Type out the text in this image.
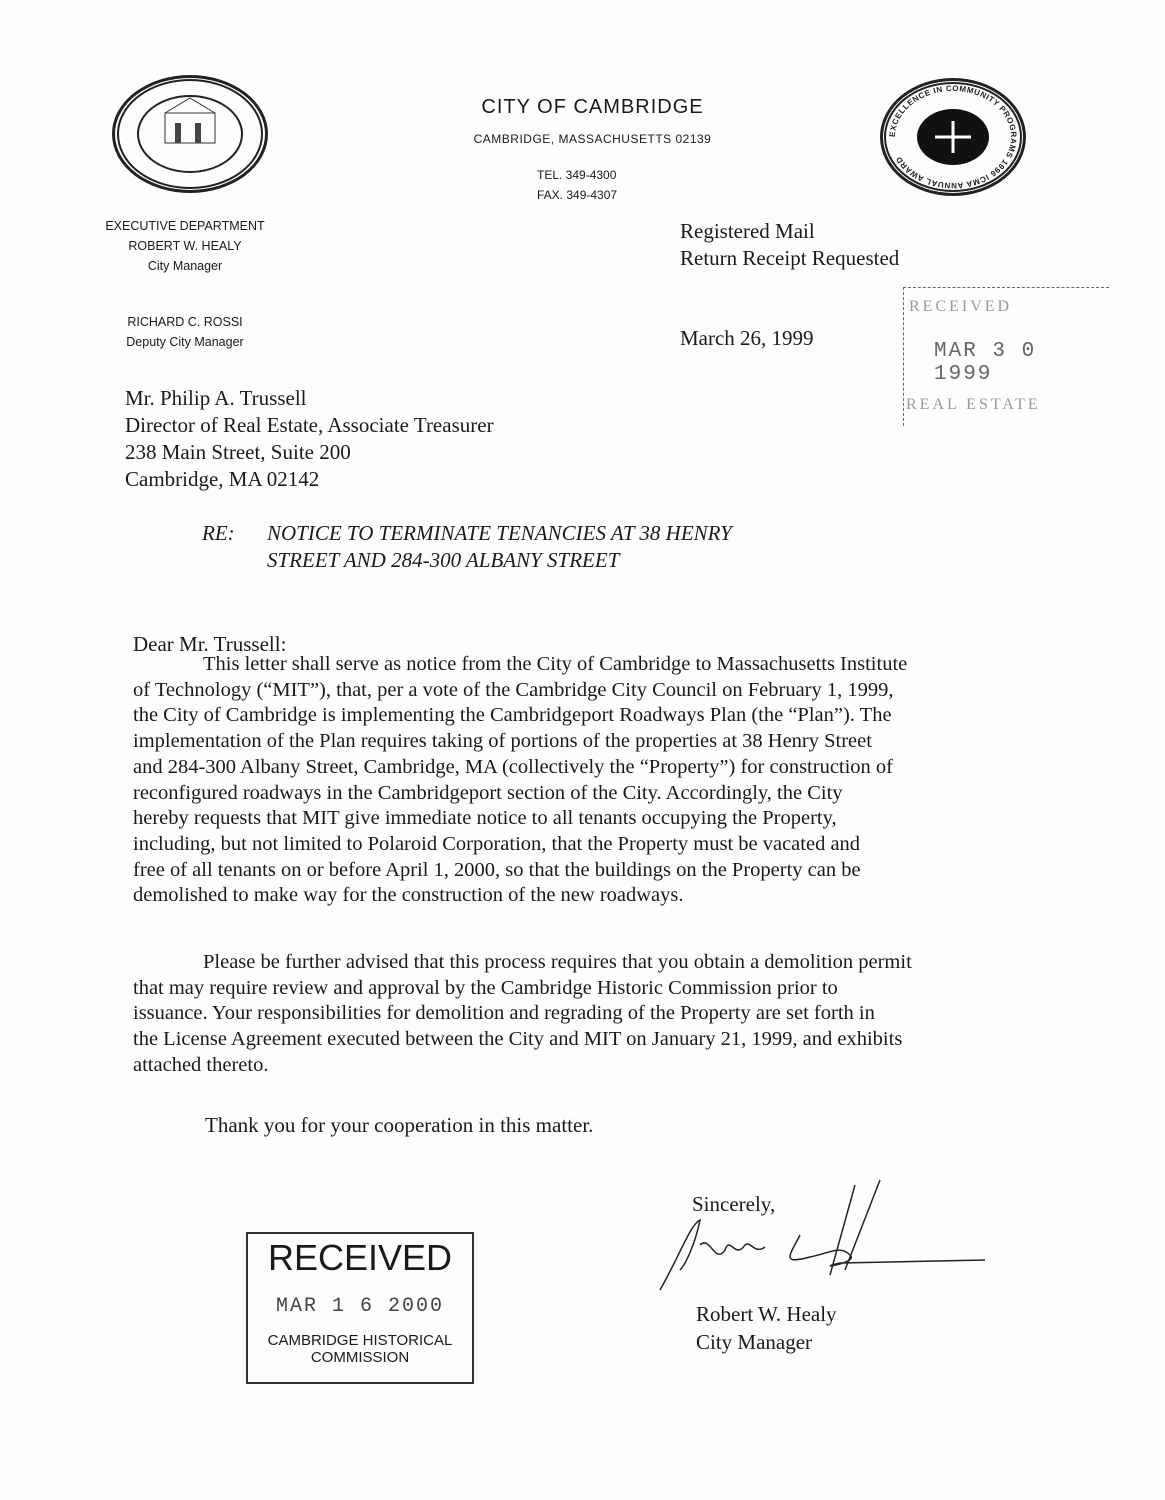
CITY OF CAMBRIDGE
CAMBRIDGE, MASSACHUSETTS 02139
TEL. 349-4300
FAX. 349-4307
EXCELLENCE IN COMMUNITY PROGRAMS 1996 ICMA ANNUAL AWARD
EXECUTIVE DEPARTMENT
ROBERT W. HEALY
City Manager
RICHARD C. ROSSI
Deputy City Manager
Registered Mail
Return Receipt Requested
March 26, 1999
RECEIVED
MAR 3 0 1999
REAL ESTATE
Mr. Philip A. Trussell
Director of Real Estate, Associate Treasurer
238 Main Street, Suite 200
Cambridge, MA 02142
RE: NOTICE TO TERMINATE TENANCIES AT 38 HENRY
STREET AND 284-300 ALBANY STREET
Dear Mr. Trussell:
This letter shall serve as notice from the City of Cambridge to Massachusetts Institute
of Technology (“MIT”), that, per a vote of the Cambridge City Council on February 1, 1999,
the City of Cambridge is implementing the Cambridgeport Roadways Plan (the “Plan”). The
implementation of the Plan requires taking of portions of the properties at 38 Henry Street
and 284-300 Albany Street, Cambridge, MA (collectively the “Property”) for construction of
reconfigured roadways in the Cambridgeport section of the City. Accordingly, the City
hereby requests that MIT give immediate notice to all tenants occupying the Property,
including, but not limited to Polaroid Corporation, that the Property must be vacated and
free of all tenants on or before April 1, 2000, so that the buildings on the Property can be
demolished to make way for the construction of the new roadways.
Please be further advised that this process requires that you obtain a demolition permit
that may require review and approval by the Cambridge Historic Commission prior to
issuance. Your responsibilities for demolition and regrading of the Property are set forth in
the License Agreement executed between the City and MIT on January 21, 1999, and exhibits
attached thereto.
Thank you for your cooperation in this matter.
Sincerely,
Robert W. Healy
City Manager
RECEIVED
MAR 1 6 2000
CAMBRIDGE HISTORICAL
COMMISSION
